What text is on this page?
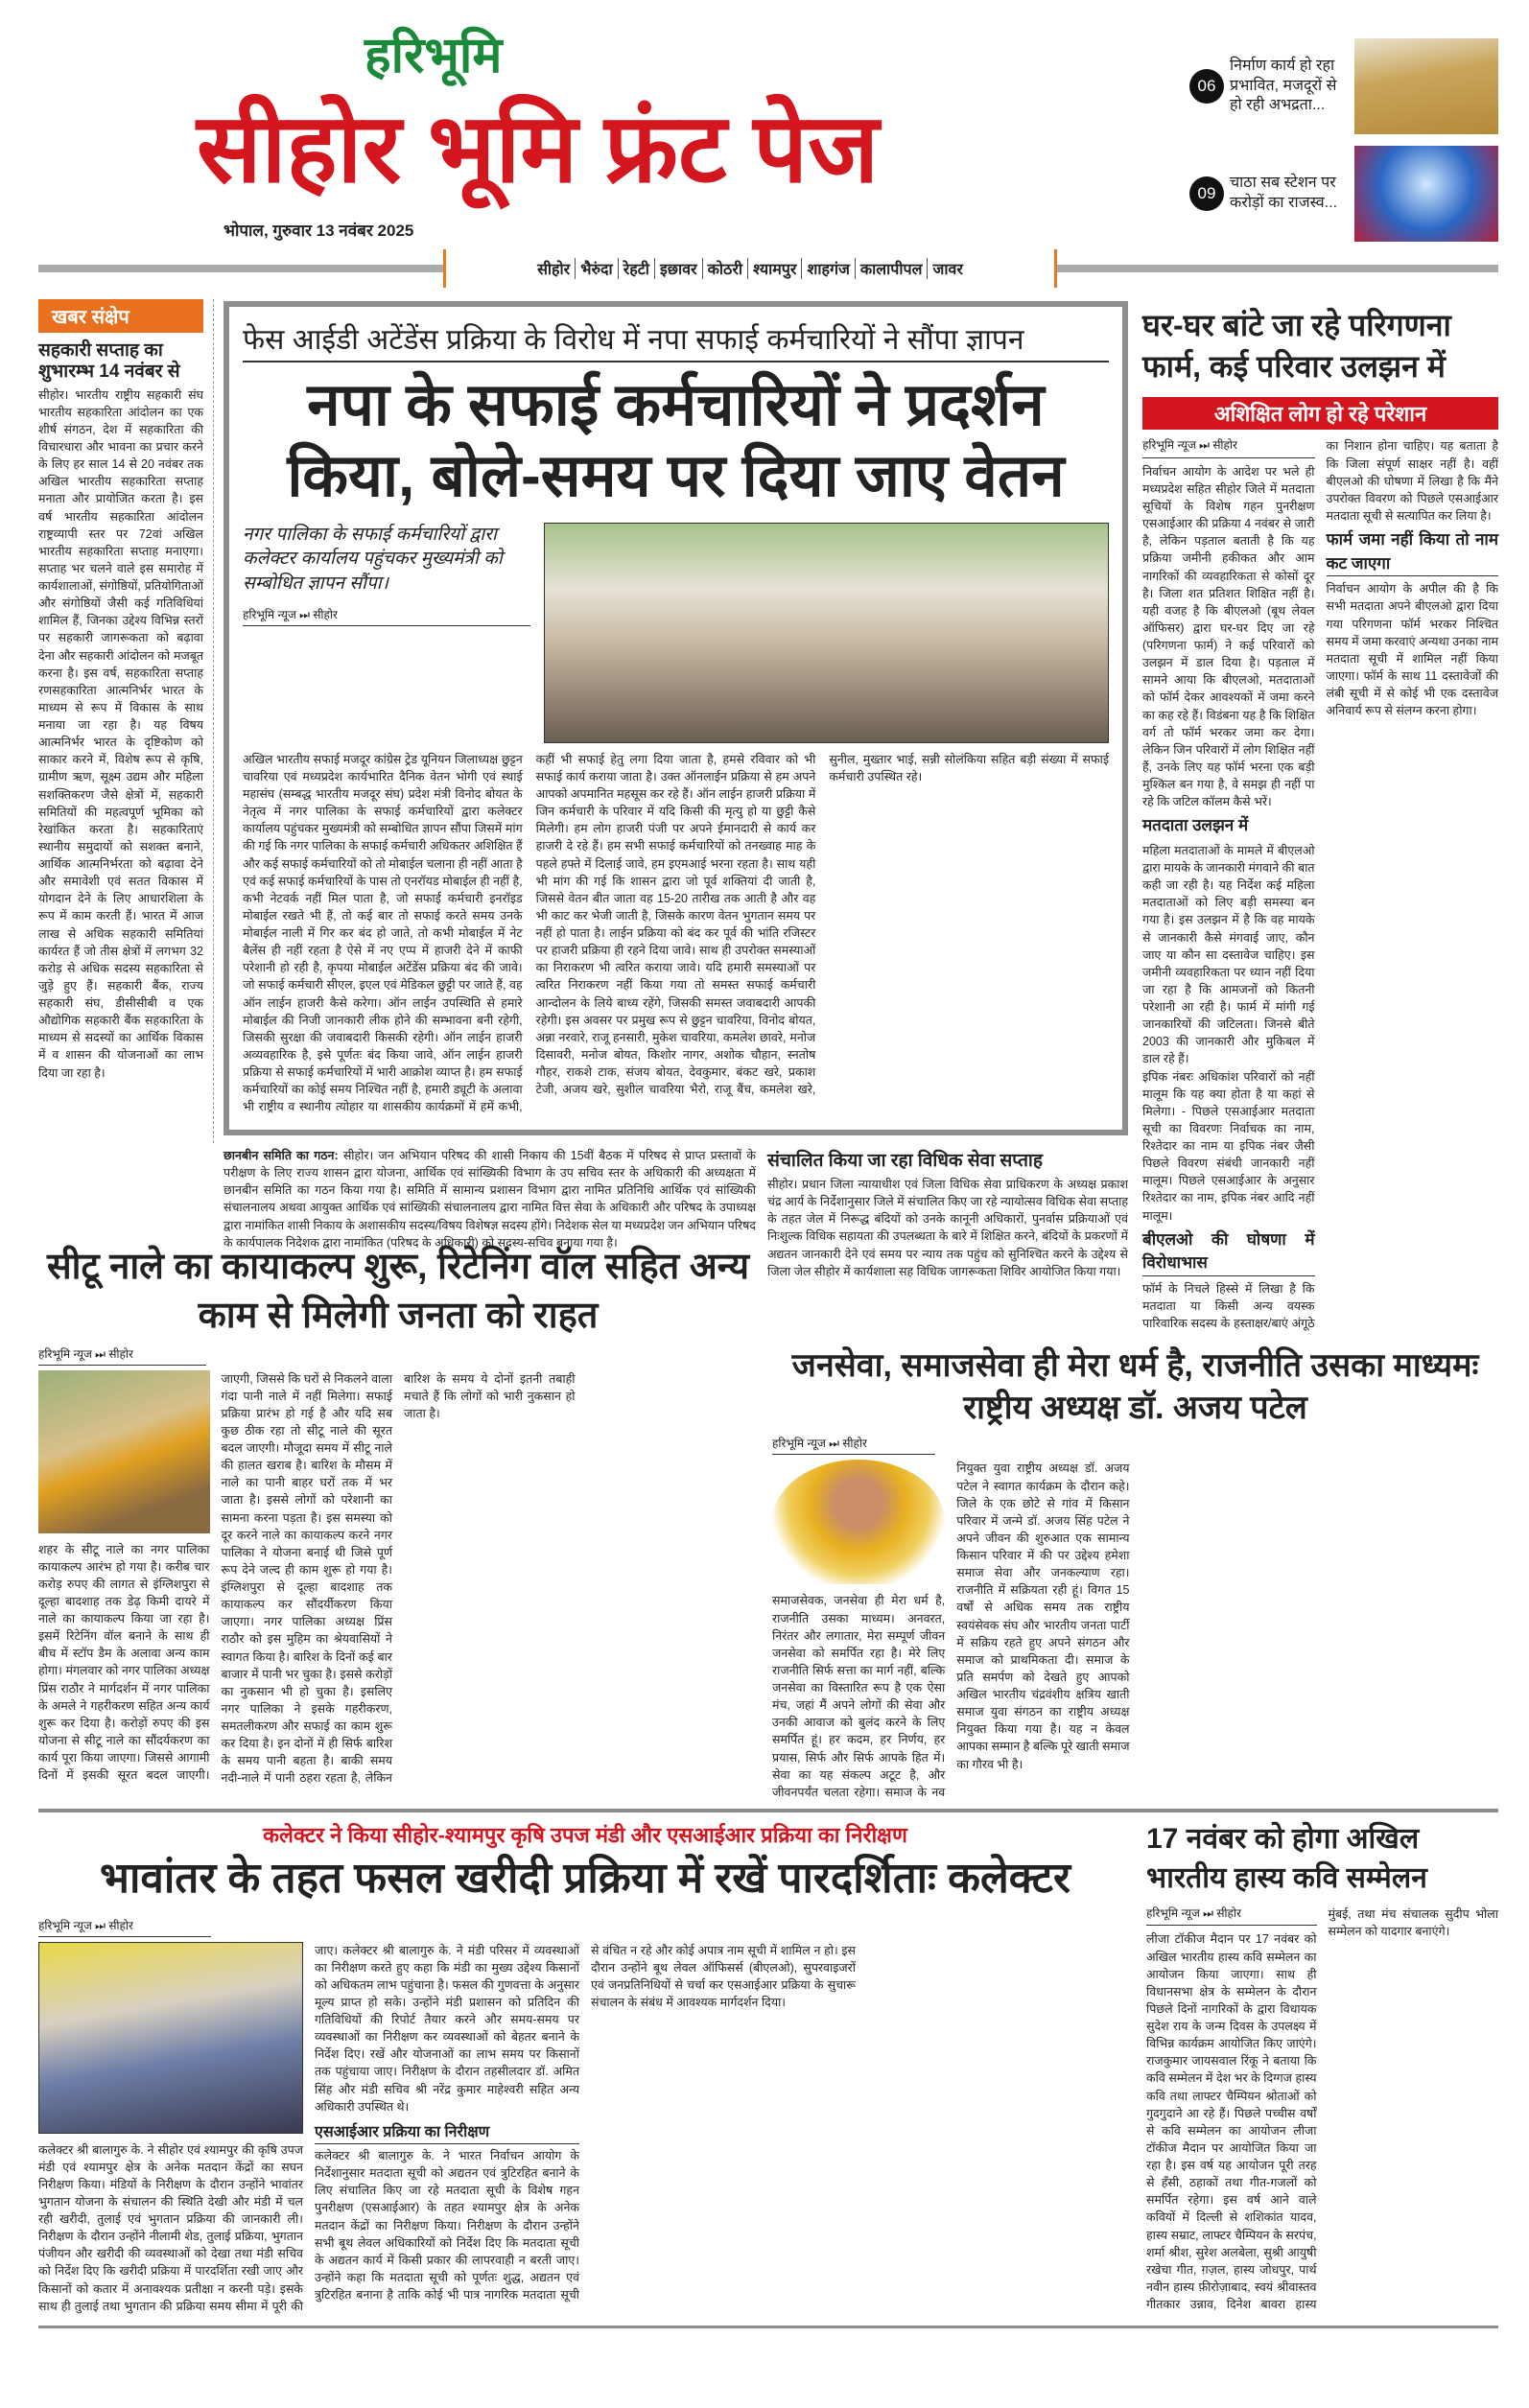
हरिभूमि
सीहोर भूमि फ्रंट पेज
भोपाल, गुरुवार 13 नवंबर 2025
06
निर्माण कार्य हो रहा प्रभावित, मजदूरों से हो रही अभद्रता...
09
चाठा सब स्टेशन पर करोड़ों का राजस्व...
सीहोर भैरुंदा रेहटी इछावर कोठरी श्यामपुर शाहगंज कालापीपल जावर
खबर संक्षेप
सहकारी सप्ताह का शुभारम्भ 14 नवंबर से
सीहोर। भारतीय राष्ट्रीय सहकारी संघ भारतीय सहकारिता आंदोलन का एक शीर्ष संगठन, देश में सहकारिता की विचारधारा और भावना का प्रचार करने के लिए हर साल 14 से 20 नवंबर तक अखिल भारतीय सहकारिता सप्ताह मनाता और प्रायोजित करता है। इस वर्ष भारतीय सहकारिता आंदोलन राष्ट्रव्यापी स्तर पर 72वां अखिल भारतीय सहकारिता सप्ताह मनाएगा। सप्ताह भर चलने वाले इस समारोह में कार्यशालाओं, संगोष्ठियों, प्रतियोगिताओं और संगोष्ठियों जैसी कई गतिविधियां शामिल हैं, जिनका उद्देश्य विभिन्न स्तरों पर सहकारी जागरूकता को बढ़ावा देना और सहकारी आंदोलन को मजबूत करना है। इस वर्ष, सहकारिता सप्ताह रणसहकारिता आत्मनिर्भर भारत के माध्यम से रूप में विकास के साथ मनाया जा रहा है। यह विषय आत्मनिर्भर भारत के दृष्टिकोण को साकार करने में, विशेष रूप से कृषि, ग्रामीण ऋण, सूक्ष्म उद्यम और महिला सशक्तिकरण जैसे क्षेत्रों में, सहकारी समितियों की महत्वपूर्ण भूमिका को रेखांकित करता है। सहकारिताएं स्थानीय समुदायों को सशक्त बनाने, आर्थिक आत्मनिर्भरता को बढ़ावा देने और समावेशी एवं सतत विकास में योगदान देने के लिए आधारशिला के रूप में काम करती हैं। भारत में आज लाख से अधिक सहकारी समितियां कार्यरत हैं जो तीस क्षेत्रों में लगभग 32 करोड़ से अधिक सदस्य सहकारिता से जुड़े हुए हैं। सहकारी बैंक, राज्य सहकारी संघ, डीसीसीबी व एक औद्योगिक सहकारी बैंक सहकारिता के माध्यम से सदस्यों का आर्थिक विकास में व शासन की योजनाओं का लाभ दिया जा रहा है।
फेस आईडी अटेंडेंस प्रक्रिया के विरोध में नपा सफाई कर्मचारियों ने सौंपा ज्ञापन
नपा के सफाई कर्मचारियों ने प्रदर्शन किया, बोले-समय पर दिया जाए वेतन
नगर पालिका के सफाई कर्मचारियों द्वारा कलेक्टर कार्यालय पहुंचकर मुख्यमंत्री को सम्बोधित ज्ञापन सौंपा।
हरिभूमि न्यूज ⏭ सीहोर
अखिल भारतीय सफाई मजदूर कांग्रेस ट्रेड यूनियन जिलाध्यक्ष छुट्टन चावरिया एवं मध्यप्रदेश कार्यभारित दैनिक वेतन भोगी एवं स्थाई महासंघ (सम्बद्ध भारतीय मजदूर संघ) प्रदेश मंत्री विनोद बोयत के नेतृत्व में नगर पालिका के सफाई कर्मचारियों द्वारा कलेक्टर कार्यालय पहुंचकर मुख्यमंत्री को सम्बोधित ज्ञापन सौंपा जिसमें मांग की गई कि नगर पालिका के सफाई कर्मचारी अधिकतर अशिक्षित हैं और कई सफाई कर्मचारियों को तो मोबाईल चलाना ही नहीं आता है एवं कई सफाई कर्मचारियों के पास तो एनरॉयड मोबाईल ही नहीं है, कभी नेटवर्क नहीं मिल पाता है, जो सफाई कर्मचारी इनरॉइड मोबाईल रखते भी हैं, तो कई बार तो सफाई करते समय उनके मोबाईल नाली में गिर कर बंद हो जाते, तो कभी मोबाईल में नेट बैलेंस ही नहीं रहता है ऐसे में नए एप्प में हाजरी देने में काफी परेशानी हो रही है, कृपया मोबाईल अटेंडेंस प्रक्रिया बंद की जावे। जो सफाई कर्मचारी सीएल, इएल एवं मेडिकल छुट्टी पर जाते हैं, वह ऑन लाईन हाजरी कैसे करेगा। ऑन लाईन उपस्थिति से हमारे मोबाईल की निजी जानकारी लीक होने की सम्भावना बनी रहेगी, जिसकी सुरक्षा की जवाबदारी किसकी रहेगी। ऑन लाईन हाजरी अव्यवहारिक है, इसे पूर्णतः बंद किया जावे, ऑन लाईन हाजरी प्रक्रिया से सफाई कर्मचारियों में भारी आक्रोश व्याप्त है। हम सफाई कर्मचारियों का कोई समय निश्चित नहीं है, हमारी ड्यूटी के अलावा भी राष्ट्रीय व स्थानीय त्योहार या शासकीय कार्यक्रमों में हमें कभी, कहीं भी सफाई हेतु लगा दिया जाता है, हमसे रविवार को भी सफाई कार्य कराया जाता है। उक्त ऑनलाईन प्रक्रिया से हम अपने आपको अपमानित महसूस कर रहे हैं। ऑन लाईन हाजरी प्रक्रिया में जिन कर्मचारी के परिवार में यदि किसी की मृत्यु हो या छुट्टी कैसे मिलेगी। हम लोग हाजरी पंजी पर अपने ईमानदारी से कार्य कर हाजरी दे रहे हैं। हम सभी सफाई कर्मचारियों को तनख्वाह माह के पहले हफ्ते में दिलाई जावे, हम इएमआई भरना रहता है। साथ यही भी मांग की गई कि शासन द्वारा जो पूर्व शक्तियां दी जाती है, जिससे वेतन बीत जाता वह 15-20 तारीख तक आती है और वह भी काट कर भेजी जाती है, जिसके कारण वेतन भुगतान समय पर नहीं हो पाता है। लाईन प्रक्रिया को बंद कर पूर्व की भांति रजिस्टर पर हाजरी प्रक्रिया ही रहने दिया जावे। साथ ही उपरोक्त समस्याओं का निराकरण भी त्वरित कराया जावे। यदि हमारी समस्याओं पर त्वरित निराकरण नहीं किया गया तो समस्त सफाई कर्मचारी आन्दोलन के लिये बाध्य रहेंगे, जिसकी समस्त जवाबदारी आपकी रहेगी। इस अवसर पर प्रमुख रूप से छुट्टन चावरिया, विनोद बोयत, अन्ना नरवारे, राजू हनसारी, मुकेश चावरिया, कमलेश छावरे, मनोज दिसावरी, मनोज बोयत, किशोर नागर, अशोक चौहान, स्नतोष गौहर, राकशे टाक, संजय बोयत, देवकुमार, बंकट खरे, प्रकाश टेजी, अजय खरे, सुशील चावरिया भैरो, राजू बैंच, कमलेश खरे, सुनील, मुख्तार भाई, सन्नी सोलंकिया सहित बड़ी संख्या में सफाई कर्मचारी उपस्थित रहे।
छानबीन समिति का गठन: सीहोर। जन अभियान परिषद की शासी निकाय की 15वीं बैठक में परिषद से प्राप्त प्रस्तावों के परीक्षण के लिए राज्य शासन द्वारा योजना, आर्थिक एवं सांख्यिकी विभाग के उप सचिव स्तर के अधिकारी की अध्यक्षता में छानबीन समिति का गठन किया गया है। समिति में सामान्य प्रशासन विभाग द्वारा नामित प्रतिनिधि आर्थिक एवं सांख्यिकी संचालनालय अथवा आयुक्त आर्थिक एवं सांख्यिकी संचालनालय द्वारा नामित वित्त सेवा के अधिकारी और परिषद के उपाध्यक्ष द्वारा नामांकित शासी निकाय के अशासकीय सदस्य/विषय विशेषज्ञ सदस्य होंगे। निदेशक सेल या मध्यप्रदेश जन अभियान परिषद के कार्यपालक निदेशक द्वारा नामांकित (परिषद के अधिकारी) को सदस्य-सचिव बनाया गया है।
संचालित किया जा रहा विधिक सेवा सप्ताह
सीहोर। प्रधान जिला न्यायाधीश एवं जिला विधिक सेवा प्राधिकरण के अध्यक्ष प्रकाश चंद्र आर्य के निर्देशानुसार जिले में संचालित किए जा रहे न्यायोत्सव विधिक सेवा सप्ताह के तहत जेल में निरूद्ध बंदियों को उनके कानूनी अधिकारों, पुनर्वास प्रक्रियाओं एवं निःशुल्क विधिक सहायता की उपलब्धता के बारे में शिक्षित करने, बंदियों के प्रकरणों में अद्यतन जानकारी देने एवं समय पर न्याय तक पहुंच को सुनिश्चित करने के उद्देश्य से जिला जेल सीहोर में कार्यशाला सह विधिक जागरूकता शिविर आयोजित किया गया।
घर-घर बांटे जा रहे परिगणना फार्म, कई परिवार उलझन में
अशिक्षित लोग हो रहे परेशान
हरिभूमि न्यूज ⏭ सीहोर

निर्वाचन आयोग के आदेश पर भले ही मध्यप्रदेश सहित सीहोर जिले में मतदाता सूचियों के विशेष गहन पुनरीक्षण एसआईआर की प्रक्रिया 4 नवंबर से जारी है, लेकिन पड़ताल बताती है कि यह प्रक्रिया जमीनी हकीकत और आम नागरिकों की व्यवहारिकता से कोसों दूर है। जिला शत प्रतिशत शिक्षित नहीं है। यही वजह है कि बीएलओ (बूथ लेवल ऑफिसर) द्वारा घर-घर दिए जा रहे (परिगणना फार्म) ने कई परिवारों को उलझन में डाल दिया है। पड़ताल में सामने आया कि बीएलओ, मतदाताओं को फॉर्म देकर आवश्यकों में जमा करने का कह रहे हैं। विडंबना यह है कि शिक्षित वर्ग तो फॉर्म भरकर जमा कर देगा। लेकिन जिन परिवारों में लोग शिक्षित नहीं हैं, उनके लिए यह फॉर्म भरना एक बड़ी मुश्किल बन गया है, वे समझ ही नहीं पा रहे कि जटिल कॉलम कैसे भरें।

मतदाता उलझन में

महिला मतदाताओं के मामले में बीएलओ द्वारा मायके के जानकारी मंगवाने की बात कही जा रही है। यह निर्देश कई महिला मतदाताओं को लिए बड़ी समस्या बन गया है। इस उलझन में है कि वह मायके से जानकारी कैसे मंगवाई जाए, कौन जाए या कौन सा दस्तावेज चाहिए। इस जमीनी व्यवहारिकता पर ध्यान नहीं दिया जा रहा है कि आमजनों को कितनी परेशानी आ रही है। फार्म में मांगी गई जानकारियों की जटिलता। जिनसे बीते 2003 की जानकारी और मुकिबल में डाल रहे हैं।

इपिक नंबरः अधिकांश परिवारों को नहीं मालूम कि यह क्या होता है या कहां से मिलेगा। - पिछले एसआईआर मतदाता सूची का विवरणः निर्वाचक का नाम, रिश्तेदार का नाम या इपिक नंबर जैसी पिछले विवरण संबंधी जानकारी नहीं मालूम। पिछले एसआईआर के अनुसार रिश्तेदार का नाम, इपिक नंबर आदि नहीं मालूम।

बीएलओ की घोषणा में विरोधाभास

फॉर्म के निचले हिस्से में लिखा है कि मतदाता या किसी अन्य वयस्क पारिवारिक सदस्य के हस्ताक्षर/बाएं अंगूठे का निशान होना चाहिए। यह बताता है कि जिला संपूर्ण साक्षर नहीं है। वहीं बीएलओ की घोषणा में लिखा है कि मैंने उपरोक्त विवरण को पिछले एसआईआर मतदाता सूची से सत्यापित कर लिया है।

फार्म जमा नहीं किया तो नाम कट जाएगा

निर्वाचन आयोग के अपील की है कि सभी मतदाता अपने बीएलओ द्वारा दिया गया परिगणना फॉर्म भरकर निश्चित समय में जमा करवाएं अन्यथा उनका नाम मतदाता सूची में शामिल नहीं किया जाएगा। फॉर्म के साथ 11 दस्तावेजों की लंबी सूची में से कोई भी एक दस्तावेज अनिवार्य रूप से संलग्न करना होगा।

सीटू नाले का कायाकल्प शुरू, रिटेनिंग वॉल सहित अन्य काम से मिलेगी जनता को राहत
हरिभूमि न्यूज ⏭ सीहोर
शहर के सीटू नाले का नगर पालिका कायाकल्प आरंभ हो गया है। करीब चार करोड़ रुपए की लागत से इंग्लिशपुरा से दूल्हा बादशाह तक डेढ़ किमी दायरे में नाले का कायाकल्प किया जा रहा है। इसमें रिटेनिंग वॉल बनाने के साथ ही बीच में स्टॉप डैम के अलावा अन्य काम होगा। मंगलवार को नगर पालिका अध्यक्ष प्रिंस राठौर ने मार्गदर्शन में नगर पालिका के अमले ने गहरीकरण सहित अन्य कार्य शुरू कर दिया है। करोड़ों रुपए की इस योजना से सीटू नाले का सौंदर्यकरण का कार्य पूरा किया जाएगा। जिससे आगामी दिनों में इसकी सूरत बदल जाएगी। जाएगी, जिससे कि घरों से निकलने वाला गंदा पानी नाले में नहीं मिलेगा। सफाई प्रक्रिया प्रारंभ हो गई है और यदि सब कुछ ठीक रहा तो सीटू नाले की सूरत बदल जाएगी। मौजूदा समय में सीटू नाले की हालत खराब है। बारिश के मौसम में नाले का पानी बाहर घरों तक में भर जाता है। इससे लोगों को परेशानी का सामना करना पड़ता है। इस समस्या को दूर करने नाले का कायाकल्प करने नगर पालिका ने योजना बनाई थी जिसे पूर्ण रूप देने जल्द ही काम शुरू हो गया है। इंग्लिशपुरा से दूल्हा बादशाह तक कायाकल्प कर सौंदर्यीकरण किया जाएगा। नगर पालिका अध्यक्ष प्रिंस राठौर को इस मुहिम का श्रेयवासियों ने स्वागत किया है। बारिश के दिनों कई बार बाजार में पानी भर चुका है। इससे करोड़ों का नुकसान भी हो चुका है। इसलिए नगर पालिका ने इसके गहरीकरण, समतलीकरण और सफाई का काम शुरू कर दिया है। इन दोनों में ही सिर्फ बारिश के समय पानी बहता है। बाकी समय नदी-नाले में पानी ठहरा रहता है, लेकिन बारिश के समय ये दोनों इतनी तबाही मचाते हैं कि लोगों को भारी नुकसान हो जाता है।
जनसेवा, समाजसेवा ही मेरा धर्म है, राजनीति उसका माध्यमः राष्ट्रीय अध्यक्ष डॉ. अजय पटेल
हरिभूमि न्यूज ⏭ सीहोर
समाजसेवक, जनसेवा ही मेरा धर्म है, राजनीति उसका माध्यम। अनवरत, निरंतर और लगातार, मेरा सम्पूर्ण जीवन जनसेवा को समर्पित रहा है। मेरे लिए राजनीति सिर्फ सत्ता का मार्ग नहीं, बल्कि जनसेवा का विस्तारित रूप है एक ऐसा मंच, जहां मैं अपने लोगों की सेवा और उनकी आवाज को बुलंद करने के लिए समर्पित हूं। हर कदम, हर निर्णय, हर प्रयास, सिर्फ और सिर्फ आपके हित में। सेवा का यह संकल्प अटूट है, और जीवनपर्यंत चलता रहेगा। समाज के नव नियुक्त युवा राष्ट्रीय अध्यक्ष डॉ. अजय पटेल ने स्वागत कार्यक्रम के दौरान कहे। जिले के एक छोटे से गांव में किसान परिवार में जन्मे डॉ. अजय सिंह पटेल ने अपने जीवन की शुरुआत एक सामान्य किसान परिवार में की पर उद्देश्य हमेशा समाज सेवा और जनकल्याण रहा। राजनीति में सक्रियता रही हूं। विगत 15 वर्षों से अधिक समय तक राष्ट्रीय स्वयंसेवक संघ और भारतीय जनता पार्टी में सक्रिय रहते हुए अपने संगठन और समाज को प्राथमिकता दी। समाज के प्रति समर्पण को देखते हुए आपको अखिल भारतीय चंद्रवंशीय क्षत्रिय खाती समाज युवा संगठन का राष्ट्रीय अध्यक्ष नियुक्त किया गया है। यह न केवल आपका सम्मान है बल्कि पूरे खाती समाज का गौरव भी है।
कलेक्टर ने किया सीहोर-श्यामपुर कृषि उपज मंडी और एसआईआर प्रक्रिया का निरीक्षण
भावांतर के तहत फसल खरीदी प्रक्रिया में रखें पारदर्शिताः कलेक्टर
हरिभूमि न्यूज ⏭ सीहोर
कलेक्टर श्री बालागुरु के. ने सीहोर एवं श्यामपुर की कृषि उपज मंडी एवं श्यामपुर क्षेत्र के अनेक मतदान केंद्रों का सघन निरीक्षण किया। मंडियों के निरीक्षण के दौरान उन्होंने भावांतर भुगतान योजना के संचालन की स्थिति देखी और मंडी में चल रही खरीदी, तुलाई एवं भुगतान प्रक्रिया की जानकारी ली। निरीक्षण के दौरान उन्होंने नीलामी शेड, तुलाई प्रक्रिया, भुगतान पंजीयन और खरीदी की व्यवस्थाओं को देखा तथा मंडी सचिव को निर्देश दिए कि खरीदी प्रक्रिया में पारदर्शिता रखी जाए और किसानों को कतार में अनावश्यक प्रतीक्षा न करनी पड़े। इसके साथ ही तुलाई तथा भुगतान की प्रक्रिया समय सीमा में पूरी की जाए। कलेक्टर श्री बालागुरु के. ने मंडी परिसर में व्यवस्थाओं का निरीक्षण करते हुए कहा कि मंडी का मुख्य उद्देश्य किसानों को अधिकतम लाभ पहुंचाना है। फसल की गुणवत्ता के अनुसार मूल्य प्राप्त हो सके। उन्होंने मंडी प्रशासन को प्रतिदिन की गतिविधियों की रिपोर्ट तैयार करने और समय-समय पर व्यवस्थाओं का निरीक्षण कर व्यवस्थाओं को बेहतर बनाने के निर्देश दिए। रखें और योजनाओं का लाभ समय पर किसानों तक पहुंचाया जाए। निरीक्षण के दौरान तहसीलदार डॉ. अमित सिंह और मंडी सचिव श्री नरेंद्र कुमार माहेश्वरी सहित अन्य अधिकारी उपस्थित थे।
एसआईआर प्रक्रिया का निरीक्षण
कलेक्टर श्री बालागुरु के. ने भारत निर्वाचन आयोग के निर्देशानुसार मतदाता सूची को अद्यतन एवं त्रुटिरहित बनाने के लिए संचालित किए जा रहे मतदाता सूची के विशेष गहन पुनरीक्षण (एसआईआर) के तहत श्यामपुर क्षेत्र के अनेक मतदान केंद्रों का निरीक्षण किया। निरीक्षण के दौरान उन्होंने सभी बूथ लेवल अधिकारियों को निर्देश दिए कि मतदाता सूची के अद्यतन कार्य में किसी प्रकार की लापरवाही न बरती जाए। उन्होंने कहा कि मतदाता सूची को पूर्णतः शुद्ध, अद्यतन एवं त्रुटिरहित बनाना है ताकि कोई भी पात्र नागरिक मतदाता सूची से वंचित न रहे और कोई अपात्र नाम सूची में शामिल न हो। इस दौरान उन्होंने बूथ लेवल ऑफिसर्स (बीएलओ), सुपरवाइजरों एवं जनप्रतिनिधियों से चर्चा कर एसआईआर प्रक्रिया के सुचारू संचालन के संबंध में आवश्यक मार्गदर्शन दिया।
17 नवंबर को होगा अखिल भारतीय हास्य कवि सम्मेलन
हरिभूमि न्यूज ⏭ सीहोर
लीजा टॉकीज मैदान पर 17 नवंबर को अखिल भारतीय हास्य कवि सम्मेलन का आयोजन किया जाएगा। साथ ही विधानसभा क्षेत्र के सम्मेलन के दौरान पिछले दिनों नागरिकों के द्वारा विधायक सुदेश राय के जन्म दिवस के उपलक्ष्य में विभिन्न कार्यक्रम आयोजित किए जाएंगे। राजकुमार जायसवाल रिंकू ने बताया कि कवि सम्मेलन में देश भर के दिग्गज हास्य कवि तथा लाफ्टर चैम्पियन श्रोताओं को गुदगुदाने आ रहे हैं। पिछले पच्चीस वर्षों से कवि सम्मेलन का आयोजन लीजा टॉकीज मैदान पर आयोजित किया जा रहा है। इस वर्ष यह आयोजन पूरी तरह से हँसी, ठहाकों तथा गीत-गजलों को समर्पित रहेगा। इस वर्ष आने वाले कवियों में दिल्ली से शशिकांत यादव, हास्य सम्राट, लाफ्टर चैम्पियन के सरपंच, शर्मा श्रीश, सुरेश अलबेला, सुश्री आयुषी रखेचा गीत, ग़ज़ल, हास्य जोधपुर, पार्थ नवीन हास्य फ़ीरोज़ाबाद, स्वयं श्रीवास्तव गीतकार उन्नाव, दिनेश बावरा हास्य मुंबई, तथा मंच संचालक सुदीप भोला सम्मेलन को यादगार बनाएंगे।
